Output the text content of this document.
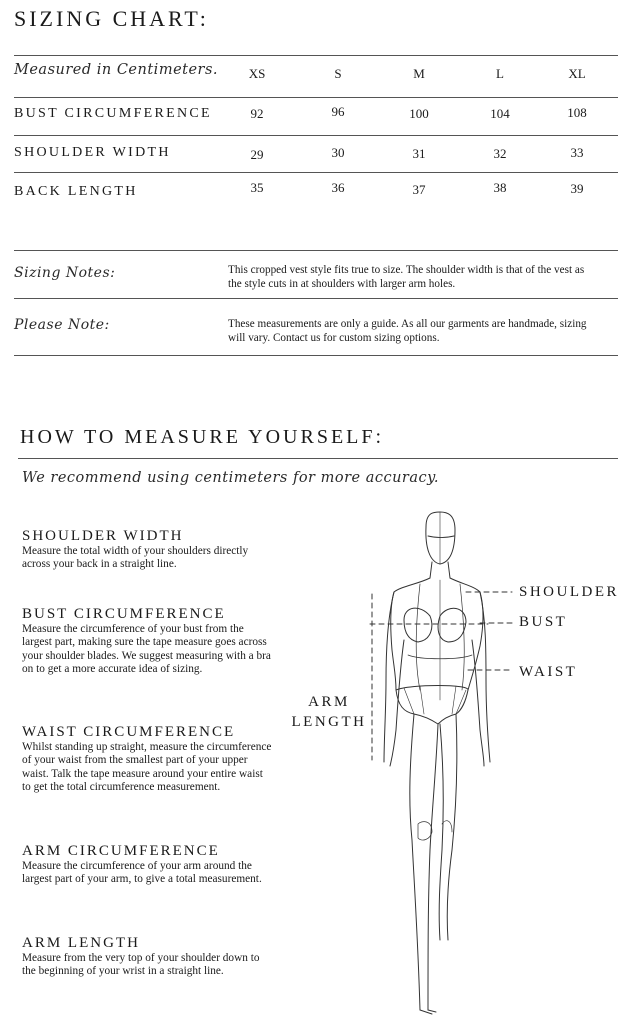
SIZING CHART:
Measured in Centimeters.	XS	S	M	L	XL
BUST CIRCUMFERENCE	92	96	100	104	108
SHOULDER WIDTH	29	30	31	32	33
BACK LENGTH	35	36	37	38	39
Sizing Notes:	This cropped vest style fits true to size. The shoulder width is that of the vest as the style cuts in at shoulders with larger arm holes.
Please Note:	These measurements are only a guide. As all our garments are handmade, sizing will vary. Contact us for custom sizing options.
HOW TO MEASURE YOURSELF:
We recommend using centimeters for more accuracy.
SHOULDER WIDTH
Measure the total width of your shoulders directly across your back in a straight line.
BUST CIRCUMFERENCE
Measure the circumference of your bust from the largest part, making sure the tape measure goes across your shoulder blades. We suggest measuring with a bra on to get a more accurate idea of sizing.
WAIST CIRCUMFERENCE
Whilst standing up straight, measure the circumference of your waist from the smallest part of your upper waist. Talk the tape measure around your entire waist to get the total circumference measurement.
ARM CIRCUMFERENCE
Measure the circumference of your arm around the largest part of your arm, to give a total measurement.
ARM LENGTH
Measure from the very top of your shoulder down to the beginning of your wrist in a straight line.
SHOULDER
BUST
WAIST
ARM
LENGTH
